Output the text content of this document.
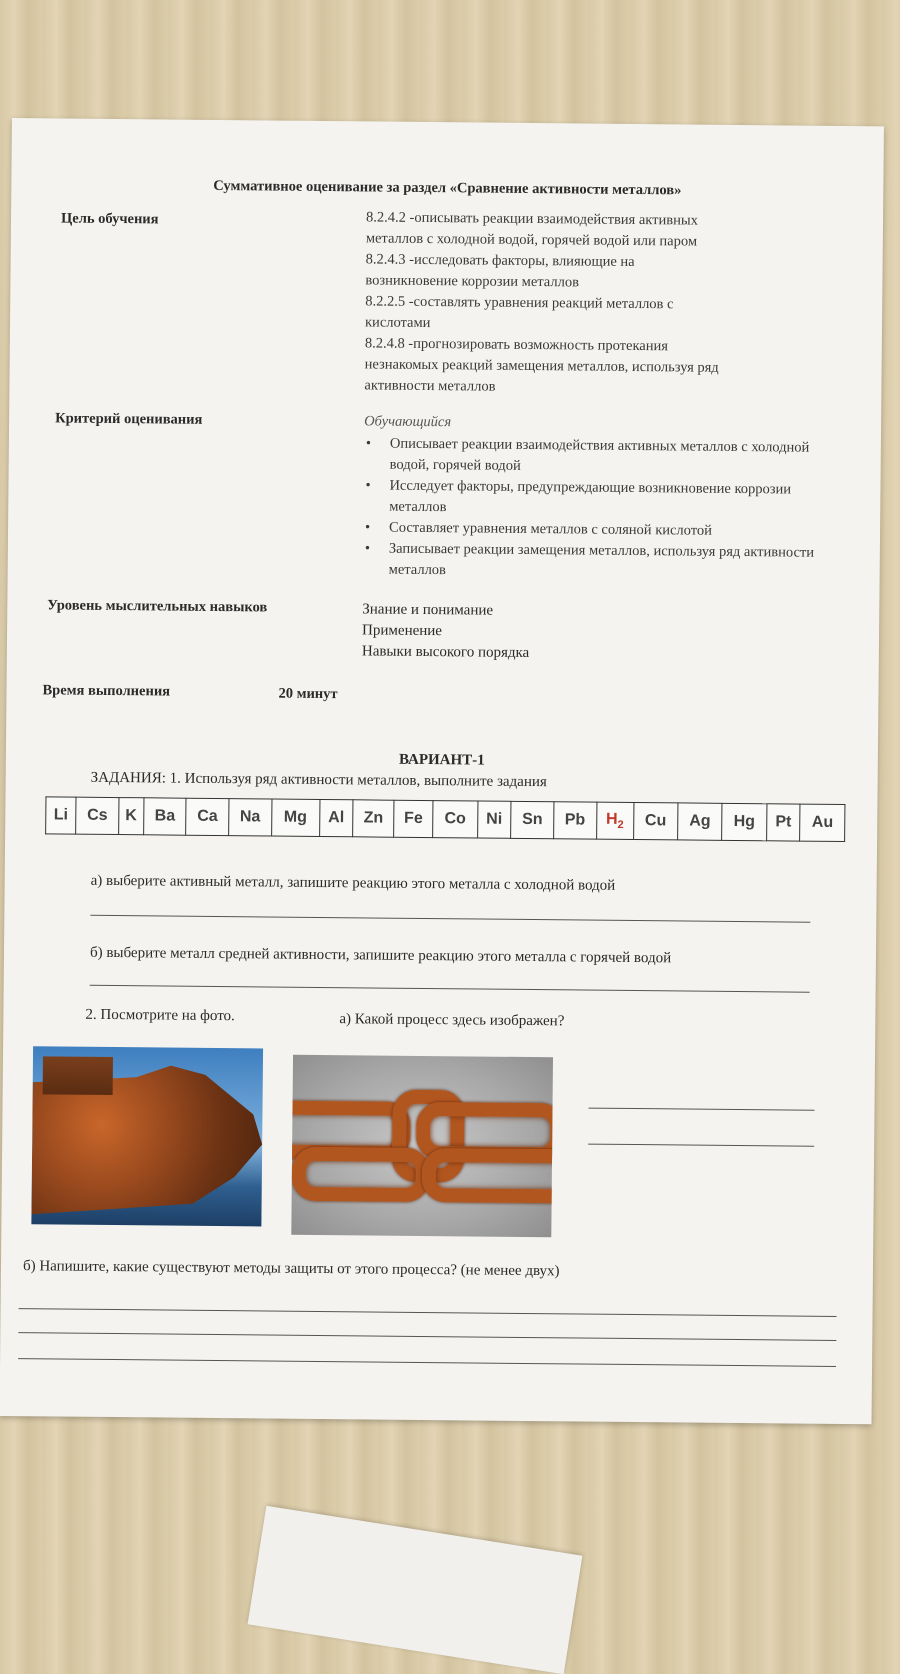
Суммативное оценивание за раздел «Сравнение активности металлов»
Цель обучения	8.2.4.2 -описывать реакции взаимодействия активных
металлов с холодной водой, горячей водой или паром
8.2.4.3 -исследовать факторы, влияющие на
возникновение коррозии металлов
8.2.2.5 -составлять уравнения реакций металлов с
кислотами
8.2.4.8 -прогнозировать возможность протекания
незнакомых реакций замещения металлов, используя ряд
активности металлов
Критерий оценивания	Обучающийся
• Описывает реакции взаимодействия активных металлов с холодной водой, горячей водой
• Исследует факторы, предупреждающие возникновение коррозии металлов
• Составляет уравнения металлов с соляной кислотой
• Записывает реакции замещения металлов, используя ряд активности металлов
Уровень мыслительных навыков	Знание и понимание
Применение
Навыки высокого порядка
Время выполнения	20 минут
ВАРИАНТ-1
ЗАДАНИЯ: 1. Используя ряд активности металлов, выполните задания
Li	Cs	K	Ba	Ca	Na	Mg	Al	Zn	Fe	Co	Ni	Sn	Pb	$H_2$	Cu	Ag	Hg	Pt	Au
а) выберите активный металл, запишите реакцию этого металла с холодной водой
б) выберите металл средней активности, запишите реакцию этого металла с горячей водой
2. Посмотрите на фото.	а) Какой процесс здесь изображен?
б) Напишите, какие существуют методы защиты от этого процесса? (не менее двух)
